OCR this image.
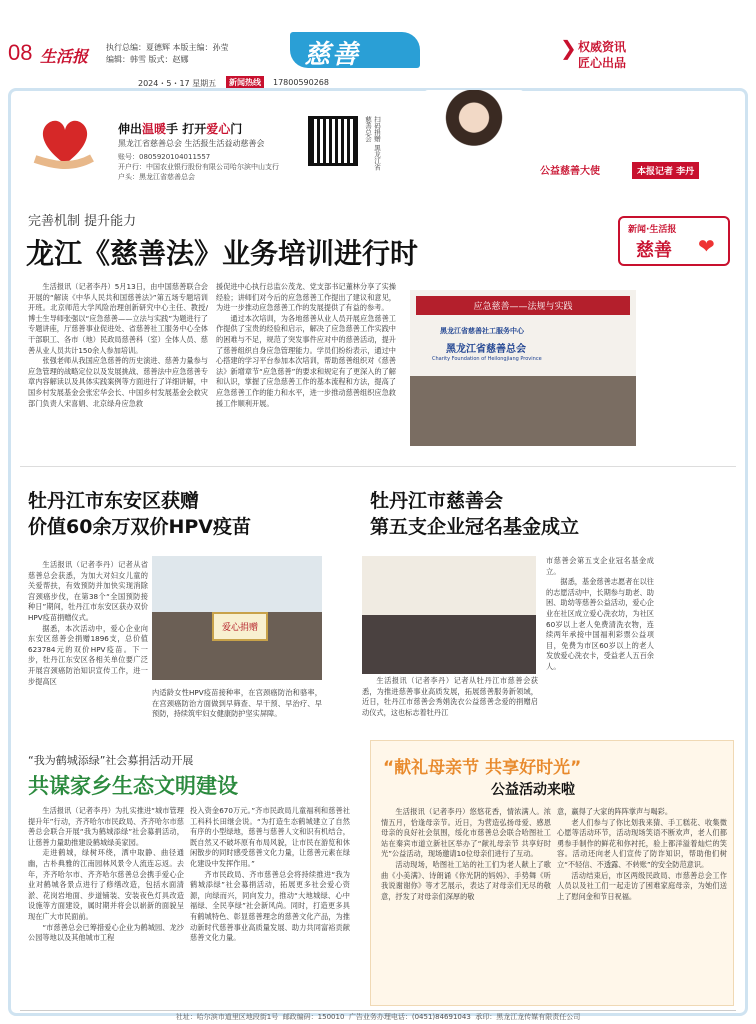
08 生活报 执行总编：夏德辉 本版主编：孙莹
编辑：韩雪 版式：赵娜
2024・5・17 星期五	新闻热线	17800590268
慈善	权威资讯
匠心出品
❯
伸出温暖手 打开爱心门
黑龙江省慈善总会 生活报生活益动慈善会
账号：0805920104011557
开户行：中国农业银行股份有限公司哈尔滨中山支行
户头：黑龙江省慈善总会
扫码捐赠 黑龙江省慈善总会
公益慈善大使	本报记者 李丹
完善机制 提升能力
龙江《慈善法》业务培训进行时
新闻·生活报
慈善 ❤

生活报讯（记者李丹）5月13日，由中国慈善联合会开展的“解读《中华人民共和国慈善法》”第五场专题培训开班。北京师范大学风险治理创新研究中心主任、教授/博士生导师张强以“应急慈善——立法与实践”为题进行了专题讲座，厅慈善事业促进处、省慈善社工服务中心全体干部职工、各市（地）民政局慈善科（室）全体人员、慈善从业人员共计150余人参加培训。

张强老师从我国应急慈善的历史演进、慈善力量参与应急管理的战略定位以及发展挑战、慈善法中应急慈善专章内容解读以及具体实践案例等方面进行了详细讲解，中国乡村发展基金会张宏华会长、中国乡村发展基金会救灾部门负责人宋喜娟、北京绿舟应急救

援促进中心执行总监公茂龙、党支部书记董林分享了实操经验；讲师们对今后的应急慈善工作提出了建议和意见，为进一步推动应急慈善工作的发展提供了有益的参考。

通过本次培训，为各地慈善从业人员开展应急慈善工作提供了宝贵的经验和启示，解决了应急慈善工作实践中的困难与不足，规范了突发事件应对中的慈善活动，提升了慈善组织自身应急管理能力。学员们纷纷表示，通过中心搭建的学习平台参加本次培训，帮助慈善组织对《慈善法》新增章节“应急慈善”的要求和规定有了更深入的了解和认识，掌握了应急慈善工作的基本流程和方法，提高了应急慈善工作的能力和水平，进一步推动慈善组织应急救援工作顺利开展。

应急慈善——法规与实践
黑龙江省慈善社工服务中心
黑龙江省慈善总会
Charity Foundation of Heilongjiang Province
牡丹江市东安区获赠
价值60余万双价HPV疫苗

生活报讯（记者李丹）记者从省慈善总会获悉，为加大对妇女儿童的关爱帮扶，有效预防并加快实现消除宫颈癌步伐，在第38个“全国预防接种日”期间，牡丹江市东安区获办双价HPV疫苗捐赠仪式。

据悉，本次活动中，爱心企业向东安区慈善会捐赠1896支，总价值623784元的双价HPV疫苗。下一步，牡丹江东安区各相关单位要广泛开展宫颈癌防治知识宣传工作，进一步提高区

爱心捐赠
内适龄女性HPV疫苗接种率，在宫颈癌防治和骆率，在宫颈癌防治方面做到早筛查、早干预、早治疗、早预防，持续筑牢妇女健康防护坚实屏障。
牡丹江市慈善会
第五支企业冠名基金成立

市慈善会第五支企业冠名基金成立。

据悉，基金慈善志愿者在以往的志愿活动中，长期参与助老、助困、助幼等慈善公益活动，爱心企业在社区成立爱心洗衣坊，为社区60岁以上老人免费清洗衣物，连续两年承接中国福利彩票公益项目，免费为市区60岁以上的老人发放爱心洗衣卡，受益老人五百余人。

生活报讯（记者李丹）记者从牡丹江市慈善会获悉，为推进慈善事业高质发展，拓展慈善服务新领域，近日，牡丹江市慈善会秀娟洗衣公益慈善念爱的捐赠启动仪式，这也标志着牡丹江
“我为鹤城添绿”社会募捐活动开展
共谋家乡生态文明建设

生活报讯（记者李丹）为扎实推进“城市管理提升年”行动，齐齐哈尔市民政局、齐齐哈尔市慈善总会联合开展“我为鹤城添绿”社会募捐活动，让慈善力量助推建设鹤城绿美家园。

走进鹤城，绿树环绕，洒中取静、曲径通幽，古朴典雅的江南园林风景令人流连忘返。去年，齐齐哈尔市、齐齐哈尔慈善总会携手爱心企业对鹤城各景点进行了修缮改造，包括水面清淤、花岗岩地面、步道铺装、安装夜色灯具改造设施等方面建设，属时期并将会以崭新的面貌呈现在广大市民面前。

“市慈善总会已筹措爱心企业为鹤城园、龙沙公园等地以及其他城市工程

投入资金670万元。”齐市民政局儿童福利和慈善社工科科长田继会说。“为打造生态鹤城建立了自然有序的小型绿地，慈善与慈善人文和识有机结合，既自然又不破坏原有布局风貌，让市民在游览和休闲散步的同时感受慈善文化力量，让慈善元素在绿化建设中发挥作用。”

齐市民政局、齐市慈善总会将持续推进“我为鹤城添绿”社会募捐活动，拓展更多社会爱心资源，向绿而兴，同向发力，推动“大地城绿、心中福绿、全民享绿”社会新风尚。同时，打造更多具有鹤城特色、彰显慈善理念的慈善文化产品，为推动新时代慈善事业高质量发展、助力共同富裕贡献慈善文化力量。

“献礼母亲节 共享好时光”
公益活动来啦

生活报讯（记者李丹）悠悠花香，情浓满人。浓情五月，恰逢母亲节。近日，为营造弘扬母爱、感恩母亲的良好社会氛围，绥化市慈善总会联合哈图社工站在秦宾市道立新社区举办了“献礼母亲节 共享好时光”公益活动，现场邀请10位母亲们进行了互动。

活动现场，哈图社工站的社工们为老人献上了歌曲《小美满》、诗朗诵《你光阴的妈妈》、手势舞《听我说谢谢你》等才艺展示，表达了对母亲们无尽的敬意，抒发了对母亲们深厚的敬

意，赢得了大家的阵阵掌声与喝彩。

老人们参与了你比划我来猜、手工糕花、收集微心愿等活动环节，活动现场笑语不断欢声，老人们都勇参手制作的鲜花和你衬托，验上都洋溢着灿烂的笑容。活动还向老人们宣传了防诈知识，帮助他们树立“不轻信、不透露、不转账”的安全防范意识。

活动结束后，市区两级民政局、市慈善总会工作人员以及社工们一起走访了困难家庭母亲，为她们送上了慰问金和节日祝福。

社址：哈尔滨市道里区地段街1号 邮政编码：150010 广告业务办理电话：(0451)84691043 承印：黑龙江龙传媒有限责任公司
